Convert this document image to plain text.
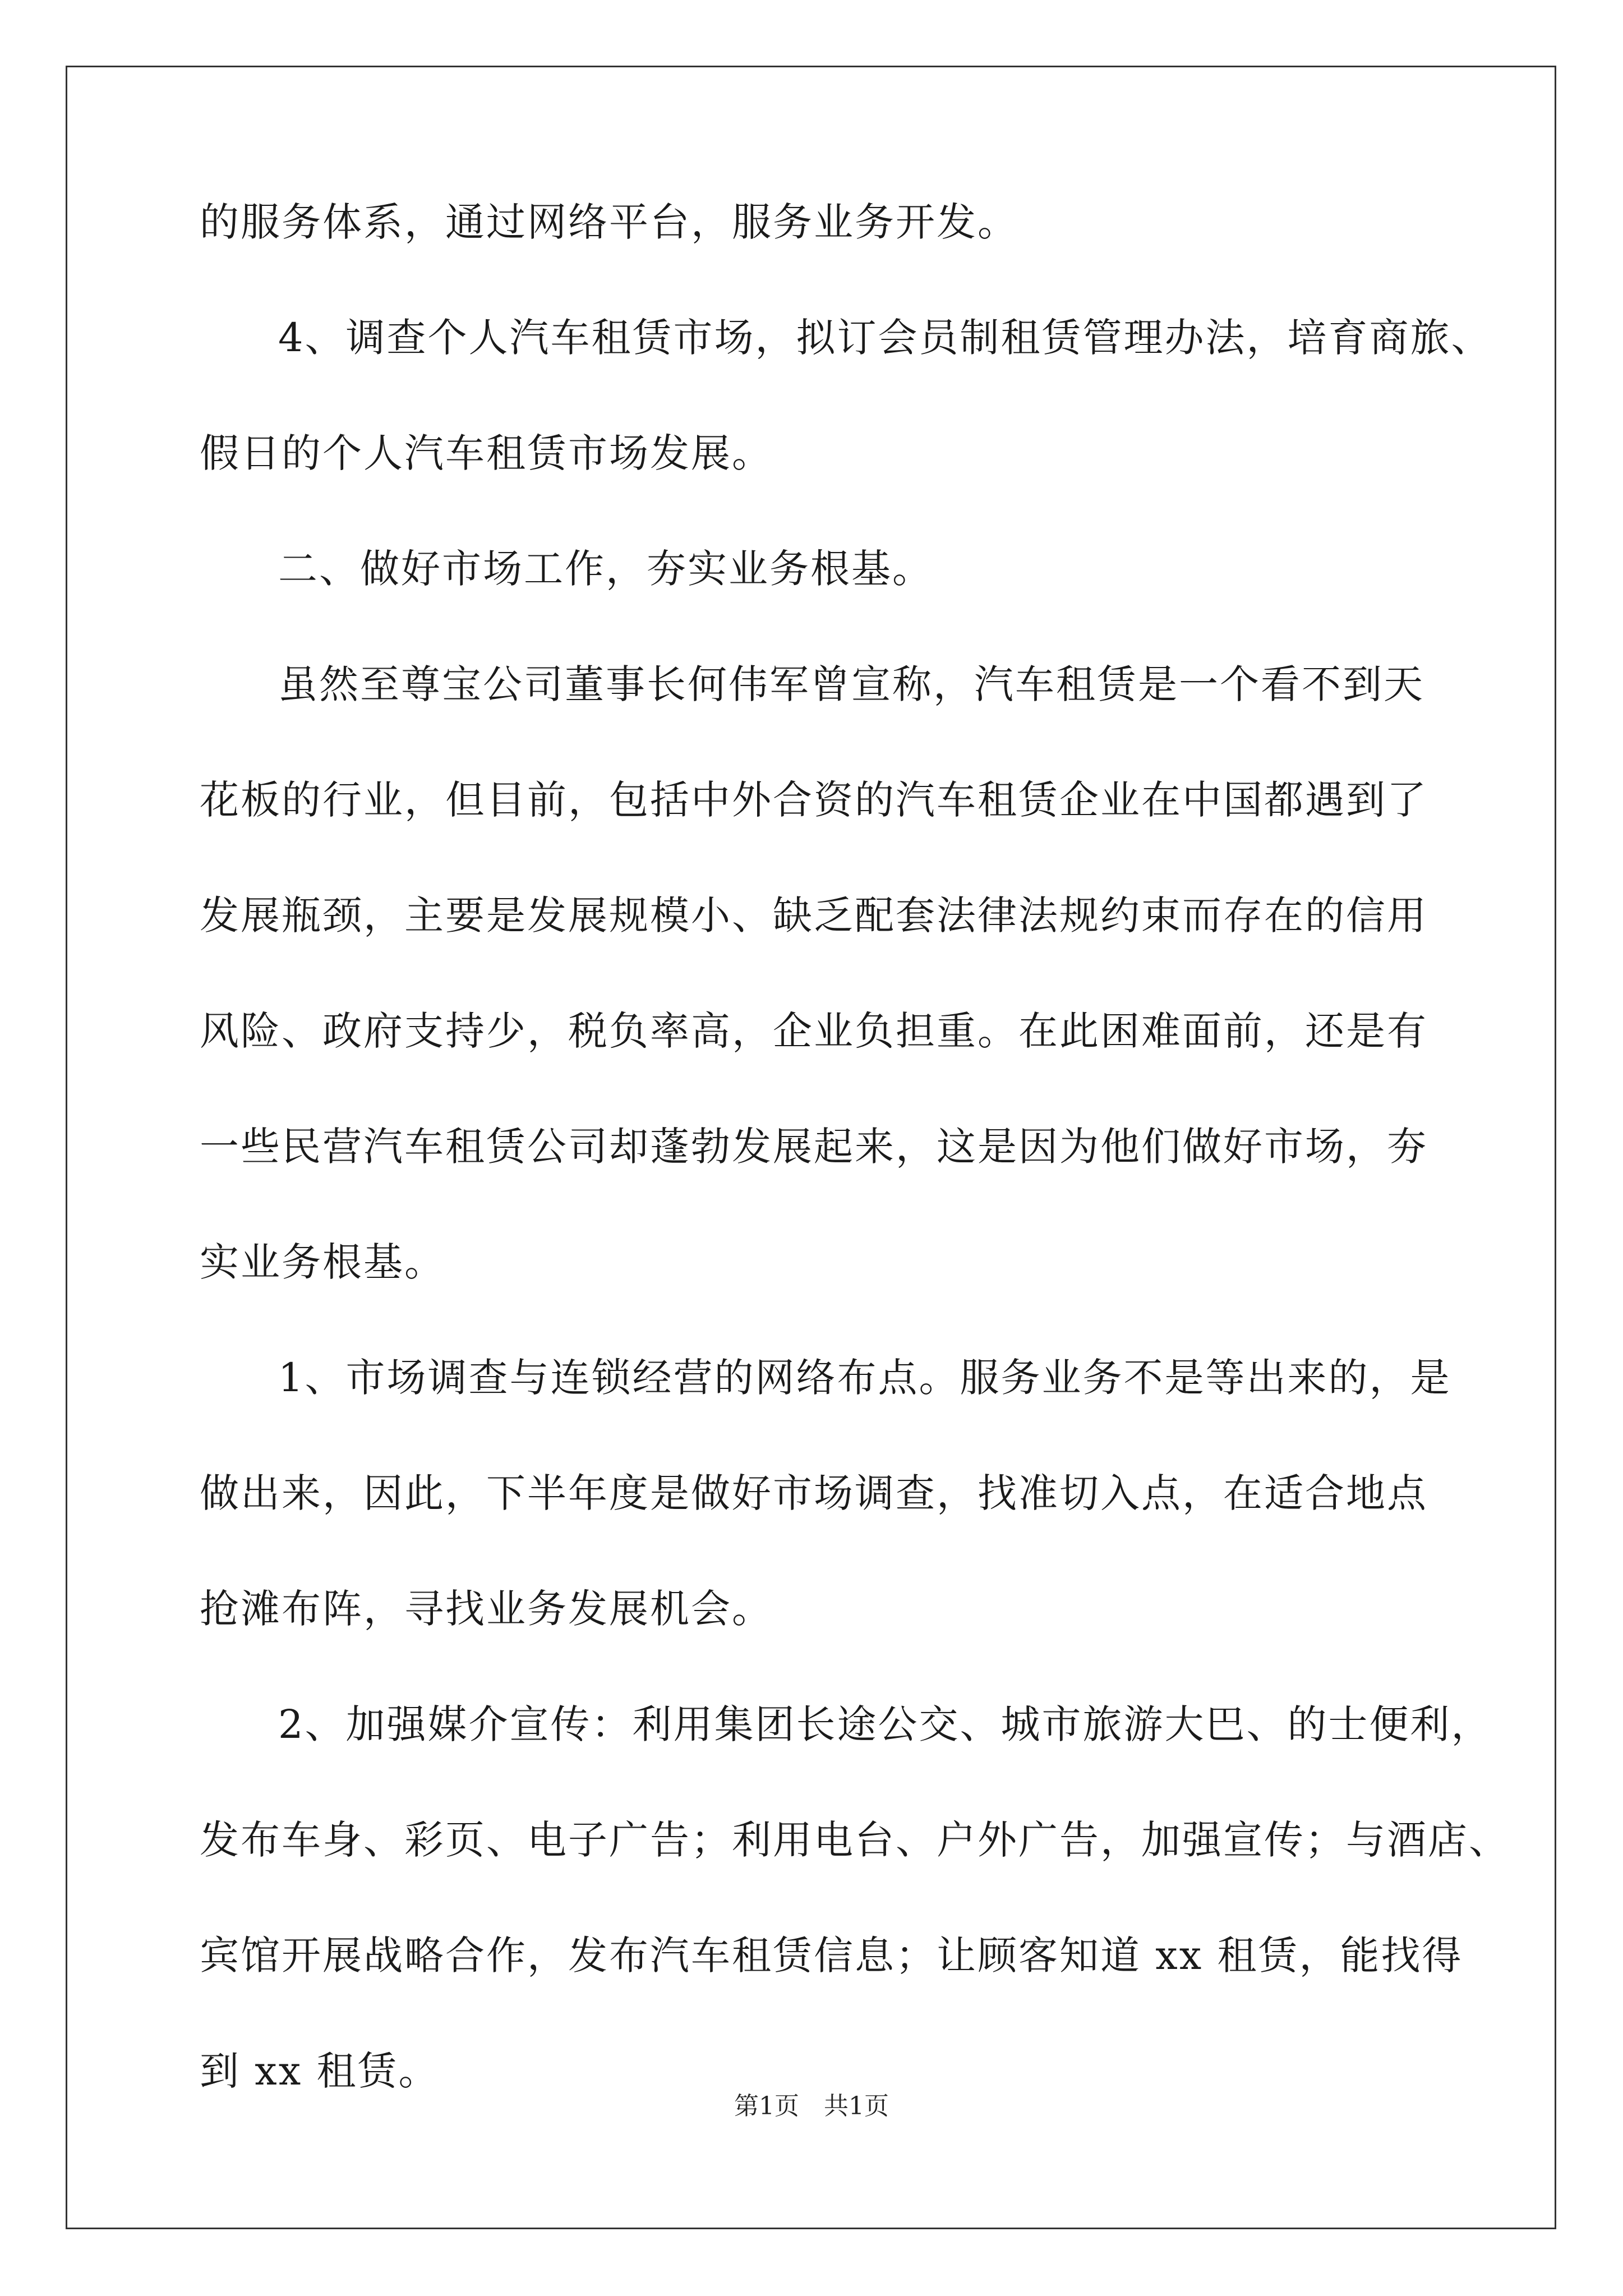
的服务体系，通过网络平台，服务业务开发。
4、调查个人汽车租赁市场，拟订会员制租赁管理办法，培育商旅、
假日的个人汽车租赁市场发展。
二、做好市场工作，夯实业务根基。
虽然至尊宝公司董事长何伟军曾宣称，汽车租赁是一个看不到天
花板的行业，但目前，包括中外合资的汽车租赁企业在中国都遇到了
发展瓶颈，主要是发展规模小、缺乏配套法律法规约束而存在的信用
风险、政府支持少，税负率高，企业负担重。在此困难面前，还是有
一些民营汽车租赁公司却蓬勃发展起来，这是因为他们做好市场，夯
实业务根基。
1、市场调查与连锁经营的网络布点。服务业务不是等出来的，是
做出来，因此，下半年度是做好市场调查，找准切入点，在适合地点
抢滩布阵，寻找业务发展机会。
2、加强媒介宣传：利用集团长途公交、城市旅游大巴、的士便利，
发布车身、彩页、电子广告；利用电台、户外广告，加强宣传；与酒店、
宾馆开展战略合作，发布汽车租赁信息；让顾客知道 xx 租赁，能找得
到 xx 租赁。
第1页　共1页
